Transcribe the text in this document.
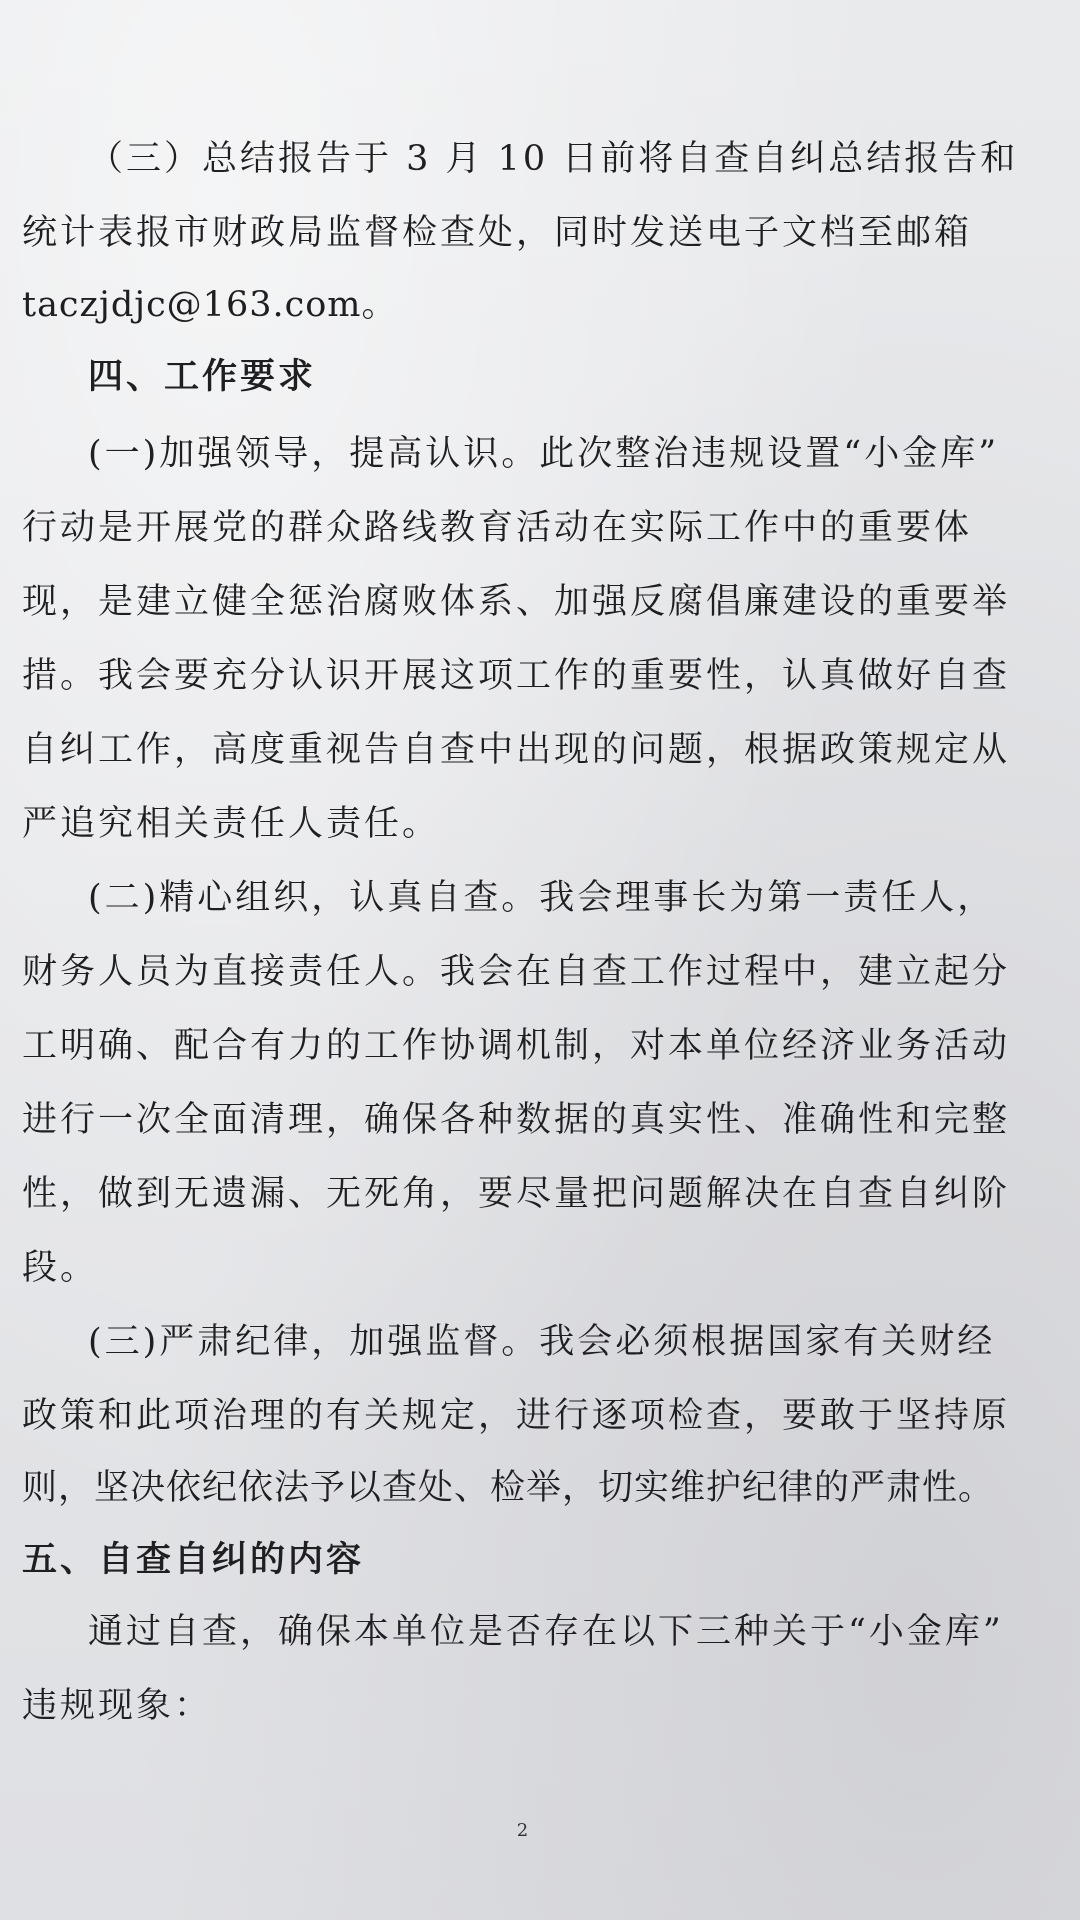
（三）总结报告于 3 月 10 日前将自查自纠总结报告和
统计表报市财政局监督检查处，同时发送电子文档至邮箱
taczjdjc@163.com。
四、工作要求
(一)加强领导，提高认识。此次整治违规设置“小金库”
行动是开展党的群众路线教育活动在实际工作中的重要体
现，是建立健全惩治腐败体系、加强反腐倡廉建设的重要举
措。我会要充分认识开展这项工作的重要性，认真做好自查
自纠工作，高度重视告自查中出现的问题，根据政策规定从
严追究相关责任人责任。
(二)精心组织，认真自查。我会理事长为第一责任人，
财务人员为直接责任人。我会在自查工作过程中，建立起分
工明确、配合有力的工作协调机制，对本单位经济业务活动
进行一次全面清理，确保各种数据的真实性、准确性和完整
性，做到无遗漏、无死角，要尽量把问题解决在自查自纠阶
段。
(三)严肃纪律，加强监督。我会必须根据国家有关财经
政策和此项治理的有关规定，进行逐项检查，要敢于坚持原
则，坚决依纪依法予以查处、检举，切实维护纪律的严肃性。
五、自查自纠的内容
通过自查，确保本单位是否存在以下三种关于“小金库”
违规现象：
2
